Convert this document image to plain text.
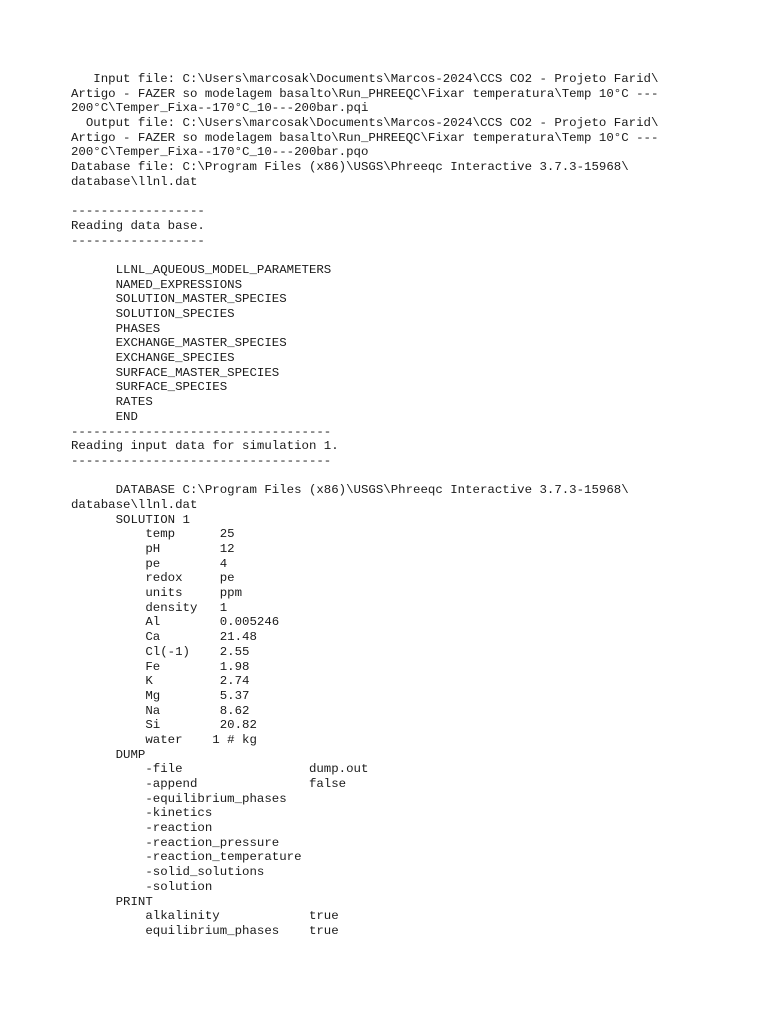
Input file: C:\Users\marcosak\Documents\Marcos-2024\CCS CO2 - Projeto Farid\
Artigo - FAZER so modelagem basalto\Run_PHREEQC\Fixar temperatura\Temp 10°C ---
200°C\Temper_Fixa--170°C_10---200bar.pqi
Output file: C:\Users\marcosak\Documents\Marcos-2024\CCS CO2 - Projeto Farid\
Artigo - FAZER so modelagem basalto\Run_PHREEQC\Fixar temperatura\Temp 10°C ---
200°C\Temper_Fixa--170°C_10---200bar.pqo
Database file: C:\Program Files (x86)\USGS\Phreeqc Interactive 3.7.3-15968\
database\llnl.dat
------------------
Reading data base.
------------------
LLNL_AQUEOUS_MODEL_PARAMETERS
NAMED_EXPRESSIONS
SOLUTION_MASTER_SPECIES
SOLUTION_SPECIES
PHASES
EXCHANGE_MASTER_SPECIES
EXCHANGE_SPECIES
SURFACE_MASTER_SPECIES
SURFACE_SPECIES
RATES
END
-----------------------------------
Reading input data for simulation 1.
-----------------------------------
DATABASE C:\Program Files (x86)\USGS\Phreeqc Interactive 3.7.3-15968\
database\llnl.dat
SOLUTION 1
temp      25
pH        12
pe        4
redox     pe
units     ppm
density   1
Al        0.005246
Ca        21.48
Cl(-1)    2.55
Fe        1.98
K         2.74
Mg        5.37
Na        8.62
Si        20.82
water    1 # kg
DUMP
-file                 dump.out
-append               false
-equilibrium_phases
-kinetics
-reaction
-reaction_pressure
-reaction_temperature
-solid_solutions
-solution
PRINT
alkalinity            true
equilibrium_phases    true
